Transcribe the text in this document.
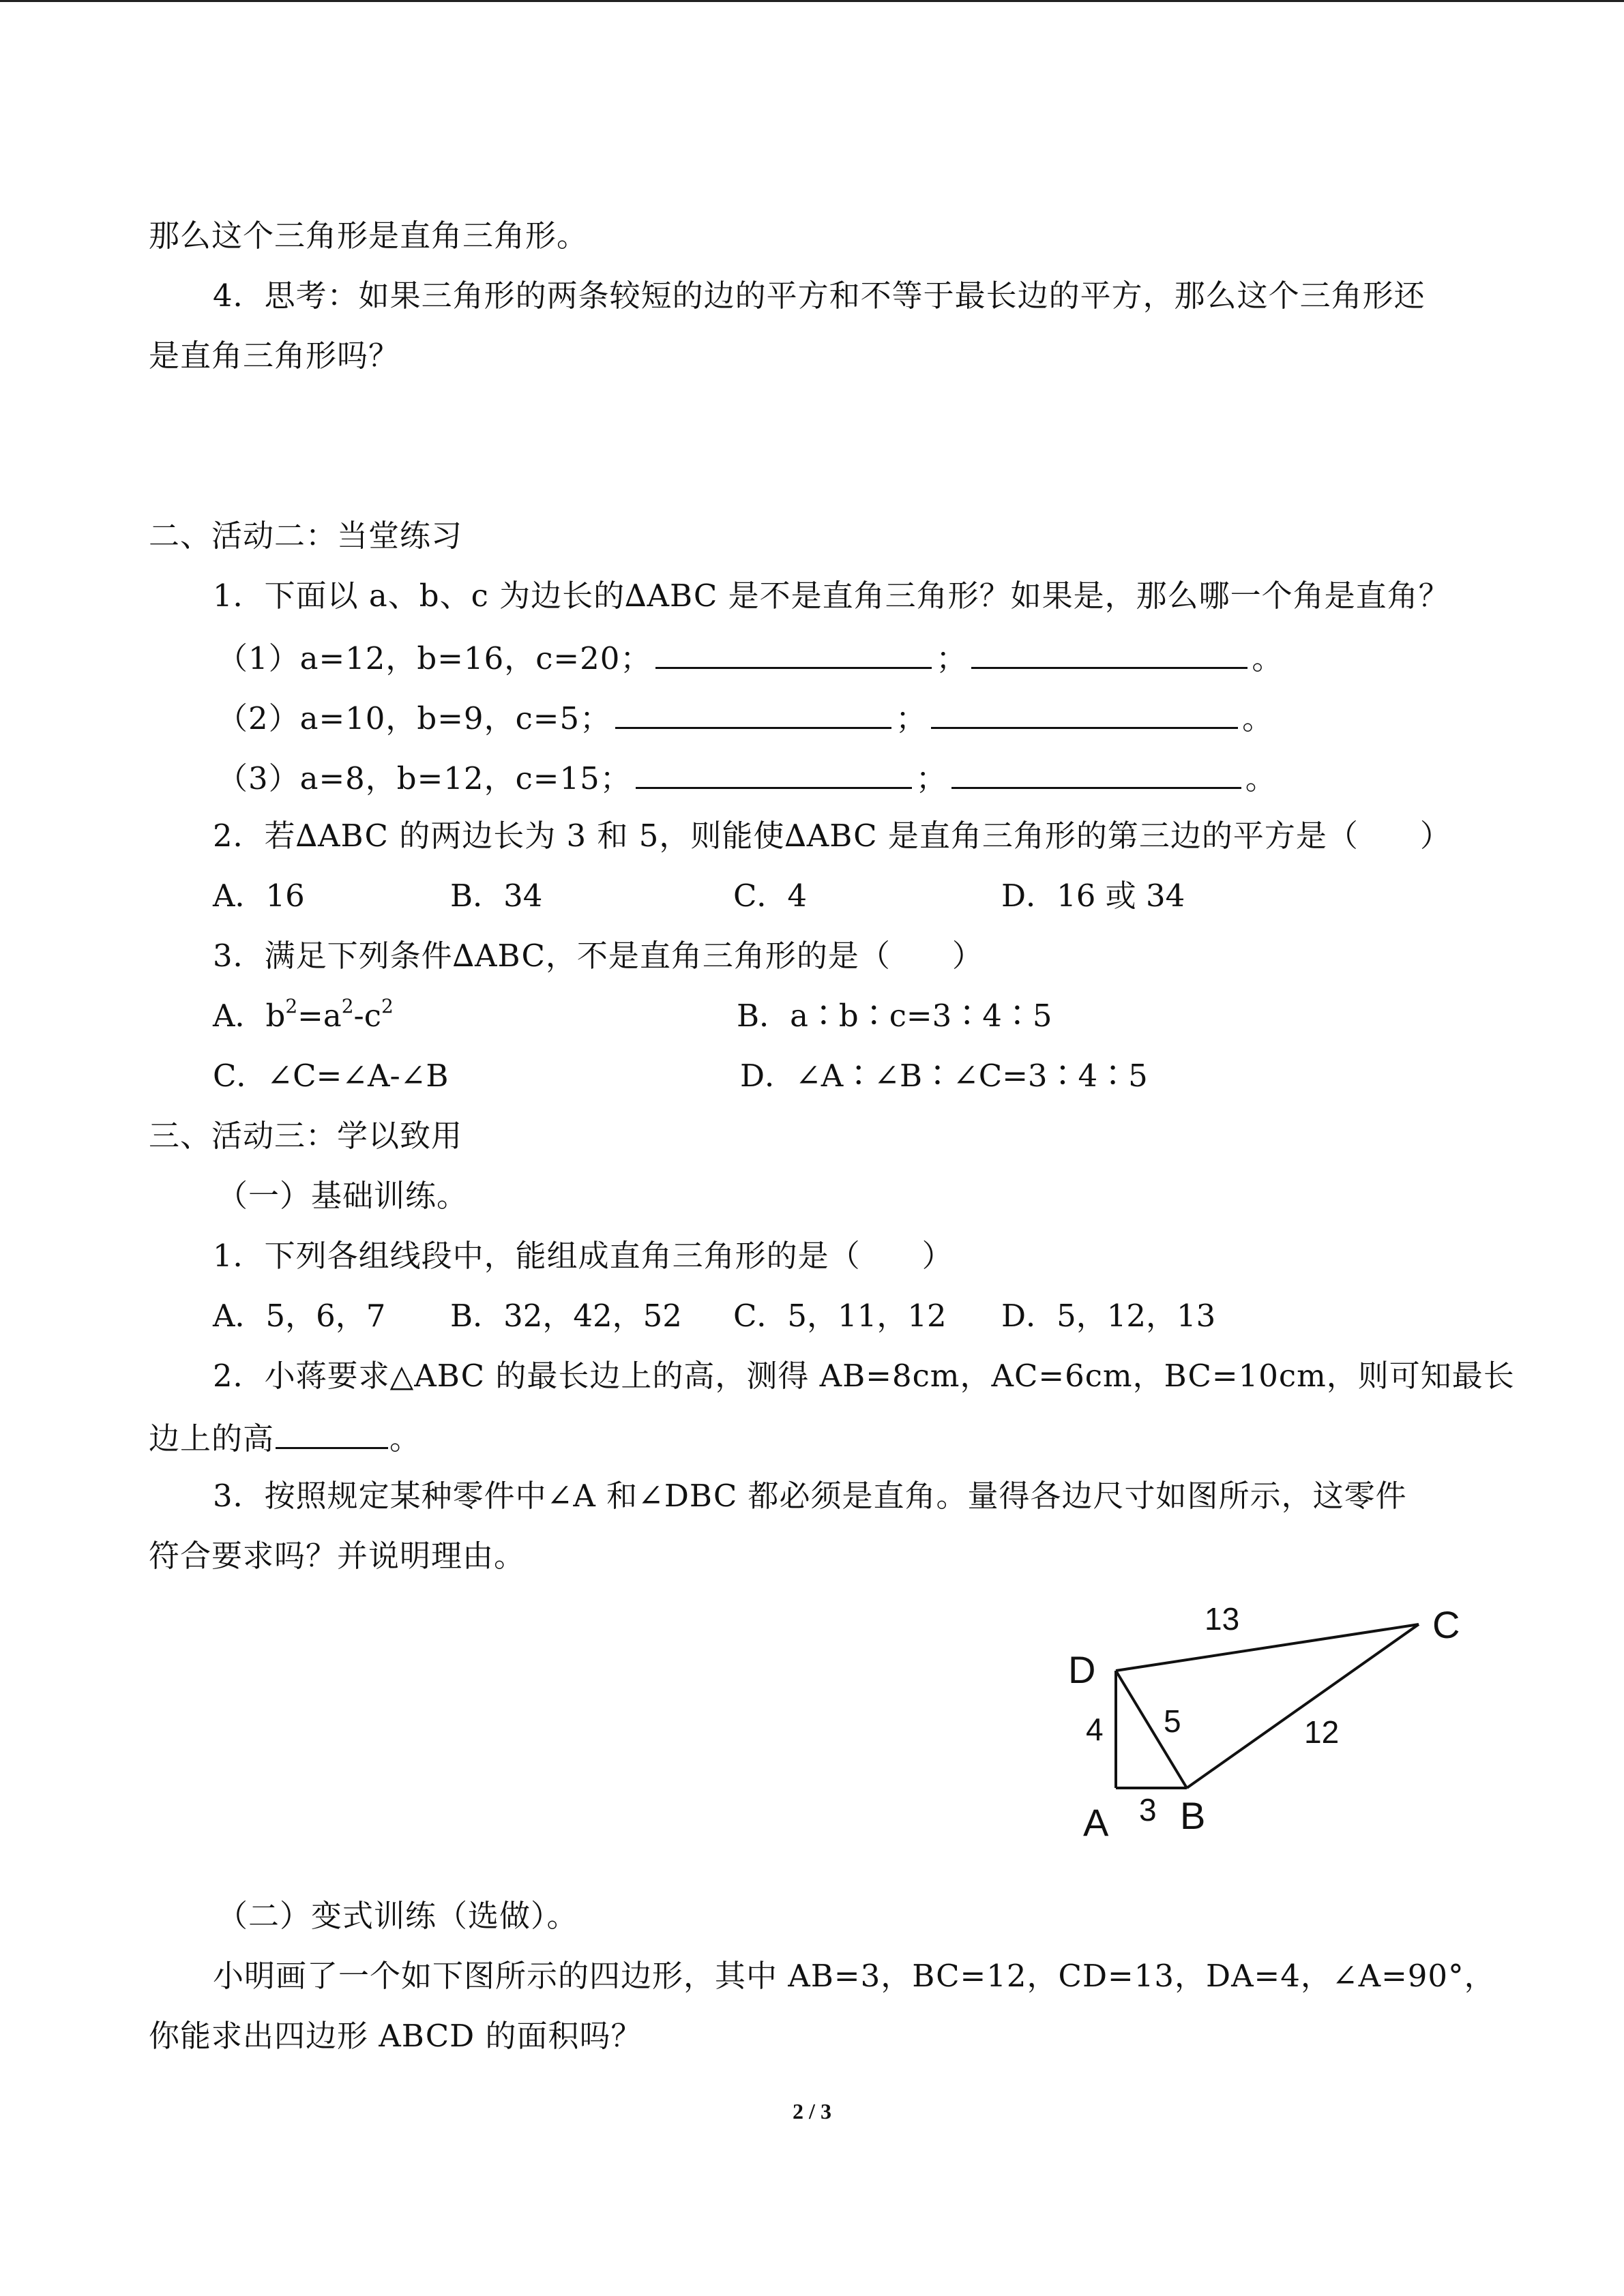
那么这个三角形是直角三角形。
4．思考：如果三角形的两条较短的边的平方和不等于最长边的平方，那么这个三角形还
是直角三角形吗？
二、活动二：当堂练习
1．下面以 a、b、c 为边长的∆ABC 是不是直角三角形？如果是，那么哪一个角是直角？
（1）a=12，b=16，c=20；	；	。
（2）a=10，b=9，c=5；	；	。
（3）a=8，b=12，c=15；	；	。
2．若∆ABC 的两边长为 3 和 5，则能使∆ABC 是直角三角形的第三边的平方是（ ）
A．16	B．34	C．4	D．16 或 34
3．满足下列条件∆ABC，不是直角三角形的是（ ）
A．$b^2=a^2-c^2$	B．a∶b∶c=3∶4∶5
C．∠C=∠A-∠B	D．∠A∶∠B∶∠C=3∶4∶5
三、活动三：学以致用
（一）基础训练。
1．下列各组线段中，能组成直角三角形的是（ ）
A．5，6，7 B．32，42，52 C．5，11，12 D．5，12，13
2．小蒋要求△ABC 的最长边上的高，测得 AB=8cm，AC=6cm，BC=10cm，则可知最长
边上的高	。
3．按照规定某种零件中∠A 和∠DBC 都必须是直角。量得各边尺寸如图所示，这零件
符合要求吗？并说明理由。
D
C
A B
13
4 5	12
3
（二）变式训练（选做）。
小明画了一个如下图所示的四边形，其中 AB=3，BC=12，CD=13，DA=4，∠A=90°，
你能求出四边形 ABCD 的面积吗？
2 / 3
